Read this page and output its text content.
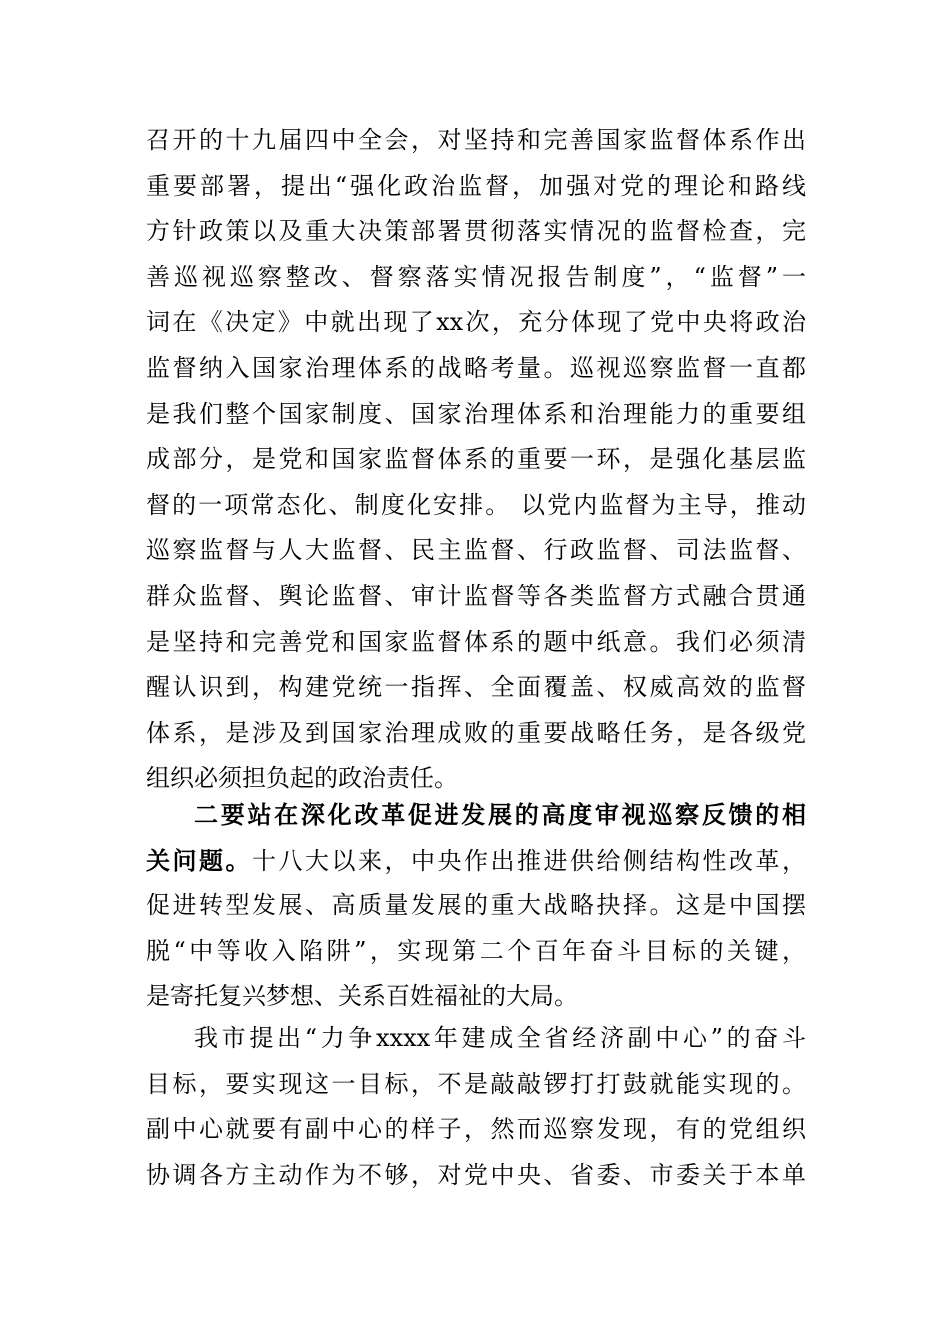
召开的十九届四中全会，对坚持和完善国家监督体系作出
重要部署，提出“强化政治监督，加强对党的理论和路线
方针政策以及重大决策部署贯彻落实情况的监督检查，完
善巡视巡察整改、督察落实情况报告制度”，“监督”一
词在《决定》中就出现了xx次，充分体现了党中央将政治
监督纳入国家治理体系的战略考量。巡视巡察监督一直都
是我们整个国家制度、国家治理体系和治理能力的重要组
成部分，是党和国家监督体系的重要一环，是强化基层监
督的一项常态化、制度化安排。 以党内监督为主导，推动
巡察监督与人大监督、民主监督、行政监督、司法监督、
群众监督、舆论监督、审计监督等各类监督方式融合贯通
是坚持和完善党和国家监督体系的题中纸意。我们必须清
醒认识到，构建党统一指挥、全面覆盖、权威高效的监督
体系，是涉及到国家治理成败的重要战略任务，是各级党
组织必须担负起的政治责任。
二要站在深化改革促进发展的高度审视巡察反馈的相
关问题。十八大以来，中央作出推进供给侧结构性改革，
促进转型发展、高质量发展的重大战略抉择。这是中国摆
脱“中等收入陷阱”，实现第二个百年奋斗目标的关键，
是寄托复兴梦想、关系百姓福祉的大局。
我市提出“力争xxxx年建成全省经济副中心”的奋斗
目标，要实现这一目标，不是敲敲锣打打鼓就能实现的。
副中心就要有副中心的样子，然而巡察发现，有的党组织
协调各方主动作为不够，对党中央、省委、市委关于本单
